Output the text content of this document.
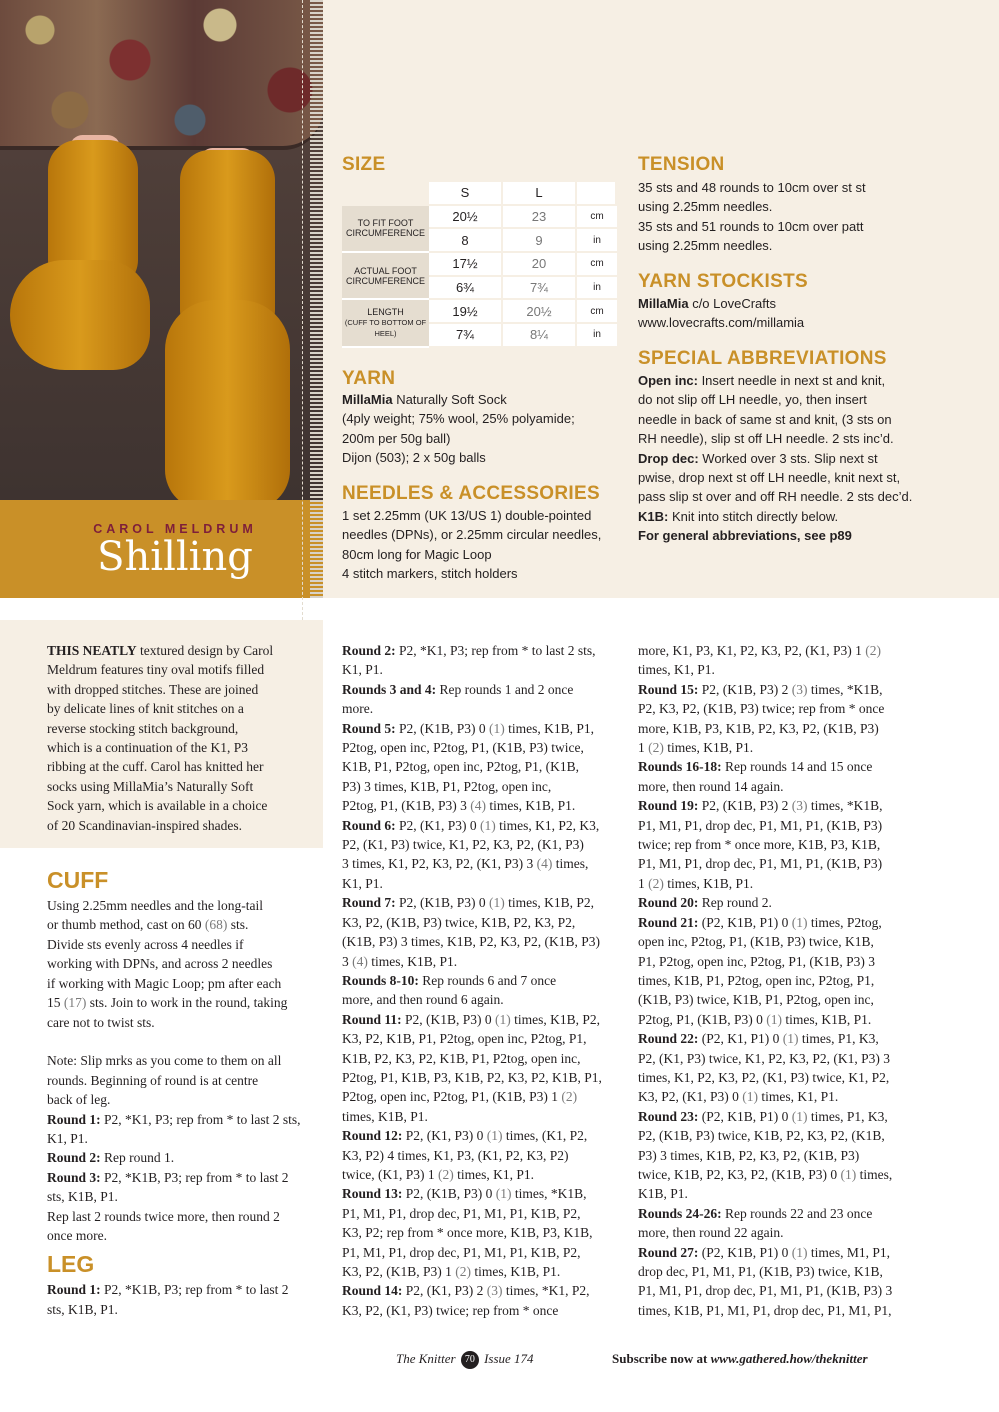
CAROL MELDRUM
Shilling
SIZE
	S	L	
TO FIT FOOT CIRCUMFERENCE	20½	23	cm
	8	9	in
ACTUAL FOOT CIRCUMFERENCE	17½	20	cm
	6¾	7¾	in
LENGTH
(CUFF TO BOTTOM OF HEEL)	19½	20½	cm
	7¾	8¼	in
YARN
MillaMia Naturally Soft Sock
(4ply weight; 75% wool, 25% polyamide;
200m per 50g ball)
Dijon (503); 2 x 50g balls
NEEDLES & ACCESSORIES
1 set 2.25mm (UK 13/US 1) double-pointed
needles (DPNs), or 2.25mm circular needles,
80cm long for Magic Loop
4 stitch markers, stitch holders
TENSION
35 sts and 48 rounds to 10cm over st st
using 2.25mm needles.
35 sts and 51 rounds to 10cm over patt
using 2.25mm needles.
YARN STOCKISTS
MillaMia c/o LoveCrafts
www.lovecrafts.com/millamia
SPECIAL ABBREVIATIONS
Open inc: Insert needle in next st and knit,
do not slip off LH needle, yo, then insert
needle in back of same st and knit, (3 sts on
RH needle), slip st off LH needle. 2 sts inc’d.
Drop dec: Worked over 3 sts. Slip next st
pwise, drop next st off LH needle, knit next st,
pass slip st over and off RH needle. 2 sts dec’d.
K1B: Knit into stitch directly below.
For general abbreviations, see p89

THIS NEATLY textured design by Carol

Meldrum features tiny oval motifs filled

with dropped stitches. These are joined

by delicate lines of knit stitches on a

reverse stocking stitch background,

which is a continuation of the K1, P3

ribbing at the cuff. Carol has knitted her

socks using MillaMia’s Naturally Soft

Sock yarn, which is available in a choice

of 20 Scandinavian-inspired shades.

CUFF

Using 2.25mm needles and the long-tail

or thumb method, cast on 60 (68) sts.

Divide sts evenly across 4 needles if

working with DPNs, and across 2 needles

if working with Magic Loop; pm after each

15 (17) sts. Join to work in the round, taking

care not to twist sts.

Note: Slip mrks as you come to them on all

rounds. Beginning of round is at centre

back of leg.

Round 1: P2, *K1, P3; rep from * to last 2 sts,

K1, P1.

Round 2: Rep round 1.

Round 3: P2, *K1B, P3; rep from * to last 2

sts, K1B, P1.

Rep last 2 rounds twice more, then round 2

once more.

LEG

Round 1: P2, *K1B, P3; rep from * to last 2

sts, K1B, P1.

Round 2: P2, *K1, P3; rep from * to last 2 sts,

K1, P1.

Rounds 3 and 4: Rep rounds 1 and 2 once

more.

Round 5: P2, (K1B, P3) 0 (1) times, K1B, P1,

P2tog, open inc, P2tog, P1, (K1B, P3) twice,

K1B, P1, P2tog, open inc, P2tog, P1, (K1B,

P3) 3 times, K1B, P1, P2tog, open inc,

P2tog, P1, (K1B, P3) 3 (4) times, K1B, P1.

Round 6: P2, (K1, P3) 0 (1) times, K1, P2, K3,

P2, (K1, P3) twice, K1, P2, K3, P2, (K1, P3)

3 times, K1, P2, K3, P2, (K1, P3) 3 (4) times,

K1, P1.

Round 7: P2, (K1B, P3) 0 (1) times, K1B, P2,

K3, P2, (K1B, P3) twice, K1B, P2, K3, P2,

(K1B, P3) 3 times, K1B, P2, K3, P2, (K1B, P3)

3 (4) times, K1B, P1.

Rounds 8-10: Rep rounds 6 and 7 once

more, and then round 6 again.

Round 11: P2, (K1B, P3) 0 (1) times, K1B, P2,

K3, P2, K1B, P1, P2tog, open inc, P2tog, P1,

K1B, P2, K3, P2, K1B, P1, P2tog, open inc,

P2tog, P1, K1B, P3, K1B, P2, K3, P2, K1B, P1,

P2tog, open inc, P2tog, P1, (K1B, P3) 1 (2)

times, K1B, P1.

Round 12: P2, (K1, P3) 0 (1) times, (K1, P2,

K3, P2) 4 times, K1, P3, (K1, P2, K3, P2)

twice, (K1, P3) 1 (2) times, K1, P1.

Round 13: P2, (K1B, P3) 0 (1) times, *K1B,

P1, M1, P1, drop dec, P1, M1, P1, K1B, P2,

K3, P2; rep from * once more, K1B, P3, K1B,

P1, M1, P1, drop dec, P1, M1, P1, K1B, P2,

K3, P2, (K1B, P3) 1 (2) times, K1B, P1.

Round 14: P2, (K1, P3) 2 (3) times, *K1, P2,

K3, P2, (K1, P3) twice; rep from * once

more, K1, P3, K1, P2, K3, P2, (K1, P3) 1 (2)

times, K1, P1.

Round 15: P2, (K1B, P3) 2 (3) times, *K1B,

P2, K3, P2, (K1B, P3) twice; rep from * once

more, K1B, P3, K1B, P2, K3, P2, (K1B, P3)

1 (2) times, K1B, P1.

Rounds 16-18: Rep rounds 14 and 15 once

more, then round 14 again.

Round 19: P2, (K1B, P3) 2 (3) times, *K1B,

P1, M1, P1, drop dec, P1, M1, P1, (K1B, P3)

twice; rep from * once more, K1B, P3, K1B,

P1, M1, P1, drop dec, P1, M1, P1, (K1B, P3)

1 (2) times, K1B, P1.

Round 20: Rep round 2.

Round 21: (P2, K1B, P1) 0 (1) times, P2tog,

open inc, P2tog, P1, (K1B, P3) twice, K1B,

P1, P2tog, open inc, P2tog, P1, (K1B, P3) 3

times, K1B, P1, P2tog, open inc, P2tog, P1,

(K1B, P3) twice, K1B, P1, P2tog, open inc,

P2tog, P1, (K1B, P3) 0 (1) times, K1B, P1.

Round 22: (P2, K1, P1) 0 (1) times, P1, K3,

P2, (K1, P3) twice, K1, P2, K3, P2, (K1, P3) 3

times, K1, P2, K3, P2, (K1, P3) twice, K1, P2,

K3, P2, (K1, P3) 0 (1) times, K1, P1.

Round 23: (P2, K1B, P1) 0 (1) times, P1, K3,

P2, (K1B, P3) twice, K1B, P2, K3, P2, (K1B,

P3) 3 times, K1B, P2, K3, P2, (K1B, P3)

twice, K1B, P2, K3, P2, (K1B, P3) 0 (1) times,

K1B, P1.

Rounds 24-26: Rep rounds 22 and 23 once

more, then round 22 again.

Round 27: (P2, K1B, P1) 0 (1) times, M1, P1,

drop dec, P1, M1, P1, (K1B, P3) twice, K1B,

P1, M1, P1, drop dec, P1, M1, P1, (K1B, P3) 3

times, K1B, P1, M1, P1, drop dec, P1, M1, P1,

The Knitter 70 Issue 174	Subscribe now at www.gathered.how/theknitter
